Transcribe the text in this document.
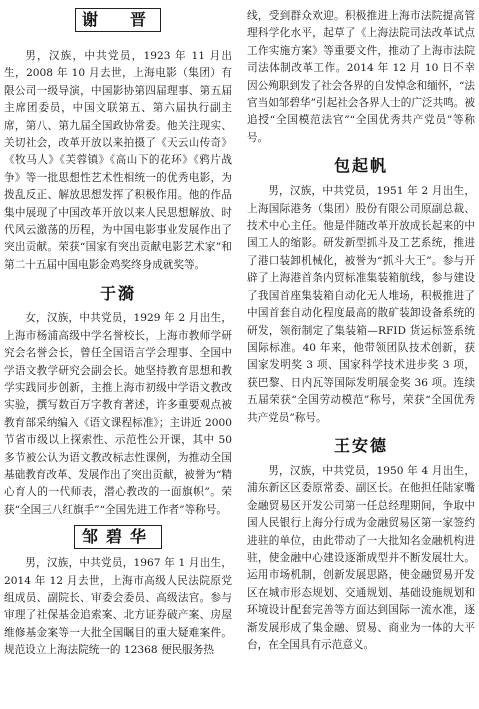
谢　晋

男，汉族，中共党员，1923 年 11 月出生，2008 年 10 月去世，上海电影（集团）有限公司一级导演，中国影协第四届理事、第五届主席团委员，中国文联第五、第六届执行副主席，第八、第九届全国政协常委。他关注现实、关切社会，改革开放以来拍摄了《天云山传奇》《牧马人》《芙蓉镇》《高山下的花环》《鸦片战争》等一批思想性艺术性相统一的优秀电影，为拨乱反正、解放思想发挥了积极作用。他的作品集中展现了中国改革开放以来人民思想解放、时代风云激荡的历程，为中国电影事业发展作出了突出贡献。荣获“国家有突出贡献电影艺术家”和第二十五届中国电影金鸡奖终身成就奖等。

于漪

女，汉族，中共党员，1929 年 2 月出生，上海市杨浦高级中学名誉校长，上海市教师学研究会名誉会长，曾任全国语言学会理事、全国中学语文教学研究会副会长。她坚持教育思想和教学实践同步创新，主推上海市初级中学语文教改实验，撰写数百万字教育著述，许多重要观点被教育部采纳编入《语文课程标准》；主讲近 2000 节省市级以上探索性、示范性公开课，其中 50 多节被公认为语文教改标志性课例，为推动全国基础教育改革、发展作出了突出贡献，被誉为“精心育人的一代师表，潜心教改的一面旗帜”。荣获“全国三八红旗手”“全国先进工作者”等称号。

邹碧华

男，汉族，中共党员，1967 年 1 月出生，2014 年 12 月去世，上海市高级人民法院原党组成员、副院长、审委会委员、高级法官。参与审理了社保基金追索案、北方证券破产案、房屋维修基金案等一大批全国瞩目的重大疑难案件。规范设立上海法院统一的 12368 便民服务热

线，受到群众欢迎。积极推进上海市法院提高管理科学化水平，起草了《上海法院司法改革试点工作实施方案》等重要文件，推动了上海市法院司法体制改革工作。2014 年 12 月 10 日不幸因公殉职到发了社会各界的自发悼念和缅怀，“法官当如邹碧华”引起社会各界人士的广泛共鸣。被追授“全国模范法官”“全国优秀共产党员”等称号。

包起帆

男，汉族，中共党员，1951 年 2 月出生，上海国际港务（集团）股份有限公司原副总裁、技术中心主任。他是伴随改革开放成长起来的中国工人的缩影。研发新型抓斗及工艺系统，推进了港口装卸机械化，被誉为“抓斗大王”。参与开辟了上海港首条内贸标准集装箱航线，参与建设了我国首座集装箱自动化无人堆场，积极推进了中国首套自动化程度最高的散矿装卸设备系统的研发，领衔制定了集装箱—RFID 货运标签系统国际标准。40 年来，他带领团队技术创新，获国家发明奖 3 项、国家科学技术进步奖 3 项，获巴黎、日内瓦等国际发明展金奖 36 项。连续五届荣获“全国劳动模范”称号，荣获“全国优秀共产党员”称号。

王安德

男，汉族，中共党员，1950 年 4 月出生，浦东新区区委原常委、副区长。在他担任陆家嘴金融贸易区开发公司第一任总经理期间，争取中国人民银行上海分行成为金融贸易区第一家签约进驻的单位，由此带动了一大批知名金融机构进驻，使金融中心建设逐渐成型并不断发展壮大。运用市场机制，创新发展思路，使金融贸易开发区在城市形态规划、交通规划、基础设施规划和环境设计配套完善等方面达到国际一流水准，逐渐发展形成了集金融、贸易、商业为一体的大平台，在全国具有示范意义。
